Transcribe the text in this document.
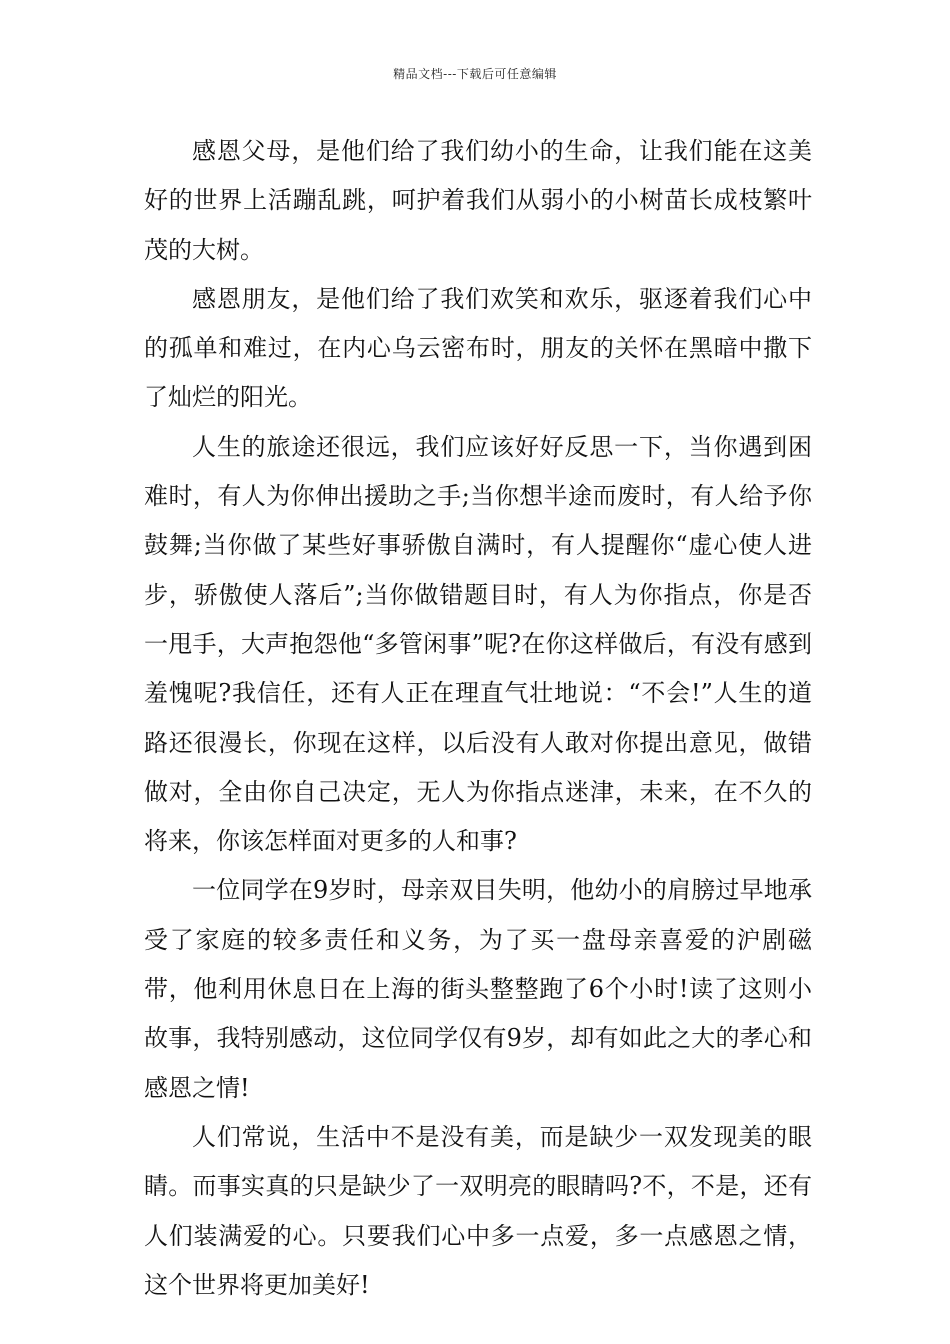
精品文档---下载后可任意编辑

感恩父母，是他们给了我们幼小的生命，让我们能在这美好的世界上活蹦乱跳，呵护着我们从弱小的小树苗长成枝繁叶茂的大树。

感恩朋友，是他们给了我们欢笑和欢乐，驱逐着我们心中的孤单和难过，在内心乌云密布时，朋友的关怀在黑暗中撒下了灿烂的阳光。

人生的旅途还很远，我们应该好好反思一下，当你遇到困难时，有人为你伸出援助之手;当你想半途而废时，有人给予你鼓舞;当你做了某些好事骄傲自满时，有人提醒你“虚心使人进步，骄傲使人落后”;当你做错题目时，有人为你指点，你是否一甩手，大声抱怨他“多管闲事”呢?在你这样做后，有没有感到羞愧呢?我信任，还有人正在理直气壮地说：“不会!”人生的道路还很漫长，你现在这样，以后没有人敢对你提出意见，做错做对，全由你自己决定，无人为你指点迷津，未来，在不久的将来，你该怎样面对更多的人和事?

一位同学在9岁时，母亲双目失明，他幼小的肩膀过早地承受了家庭的较多责任和义务，为了买一盘母亲喜爱的沪剧磁带，他利用休息日在上海的街头整整跑了6个小时!读了这则小故事，我特别感动，这位同学仅有9岁，却有如此之大的孝心和感恩之情!

人们常说，生活中不是没有美，而是缺少一双发现美的眼睛。而事实真的只是缺少了一双明亮的眼睛吗?不，不是，还有人们装满爱的心。只要我们心中多一点爱，多一点感恩之情，这个世界将更加美好!
